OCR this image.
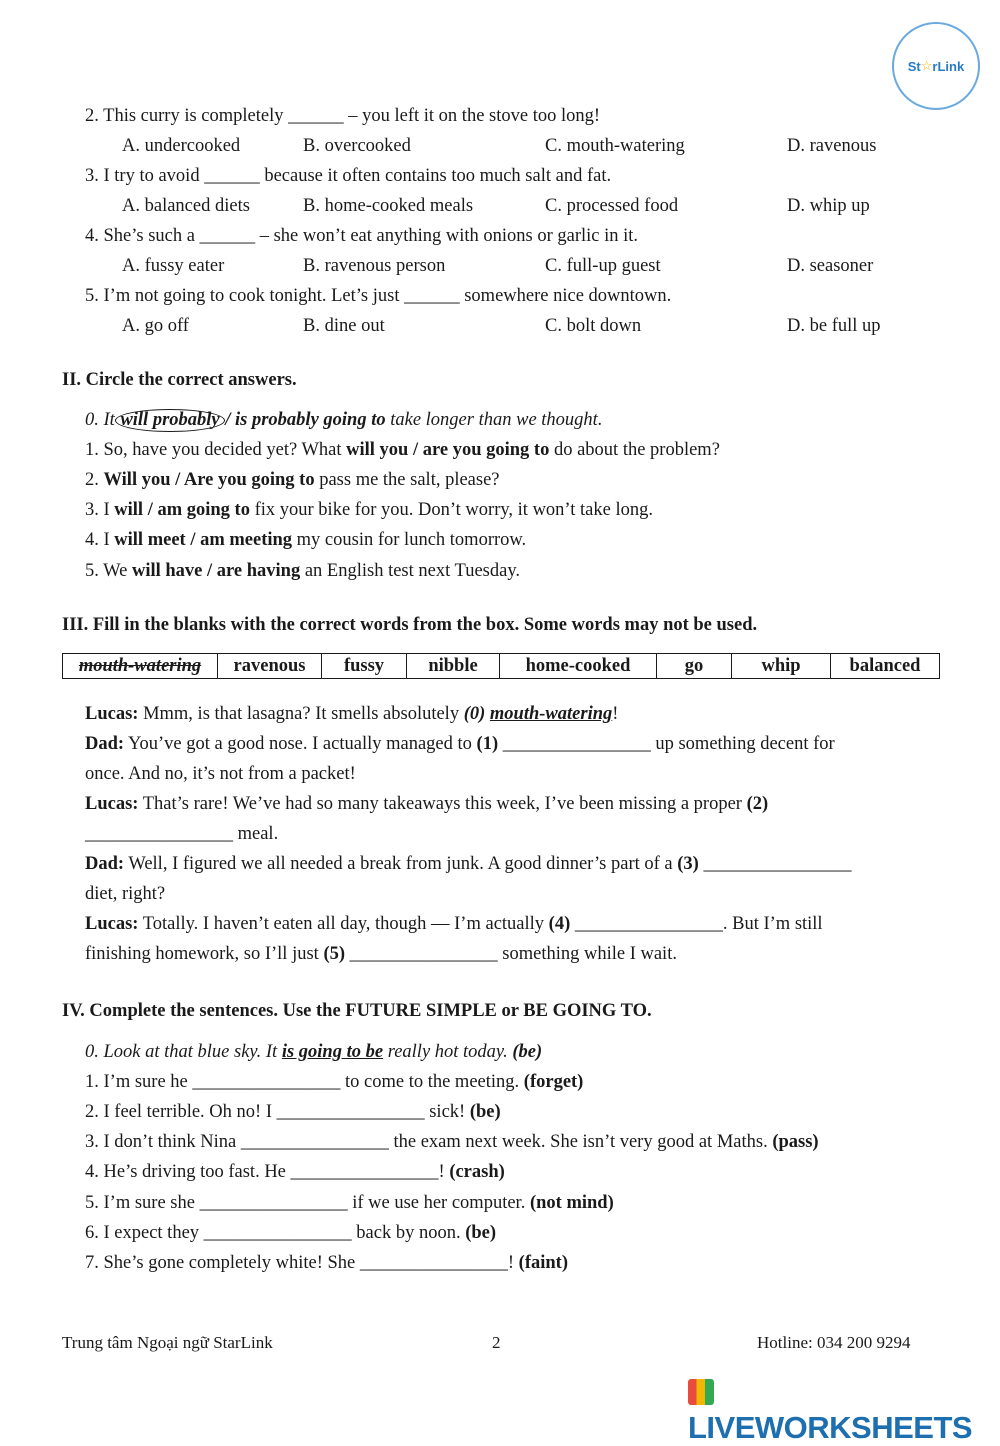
St ☆ rLink
2. This curry is completely ______ – you left it on the stove too long!
A. undercooked	B. overcooked	C. mouth-watering	D. ravenous
3. I try to avoid ______ because it often contains too much salt and fat.
A. balanced diets	B. home-cooked meals	C. processed food	D. whip up
4. She’s such a ______ – she won’t eat anything with onions or garlic in it.
A. fussy eater	B. ravenous person	C. full-up guest	D. seasoner
5. I’m not going to cook tonight. Let’s just ______ somewhere nice downtown.
A. go off	B. dine out	C. bolt down	D. be full up
II. Circle the correct answers.
0. It will probably / is probably going to take longer than we thought.
1. So, have you decided yet? What will you / are you going to do about the problem?
2. Will you / Are you going to pass me the salt, please?
3. I will / am going to fix your bike for you. Don’t worry, it won’t take long.
4. I will meet / am meeting my cousin for lunch tomorrow.
5. We will have / are having an English test next Tuesday.
III. Fill in the blanks with the correct words from the box. Some words may not be used.
mouth-watering	ravenous	fussy	nibble	home-cooked	go	whip	balanced
Lucas: Mmm, is that lasagna? It smells absolutely (0) mouth-watering!
Dad: You’ve got a good nose. I actually managed to (1) ________________ up something decent for
once. And no, it’s not from a packet!
Lucas: That’s rare! We’ve had so many takeaways this week, I’ve been missing a proper (2)
________________ meal.
Dad: Well, I figured we all needed a break from junk. A good dinner’s part of a (3) ________________
diet, right?
Lucas: Totally. I haven’t eaten all day, though — I’m actually (4) ________________. But I’m still
finishing homework, so I’ll just (5) ________________ something while I wait.
IV. Complete the sentences. Use the FUTURE SIMPLE or BE GOING TO.
0. Look at that blue sky. It is going to be really hot today. (be)
1. I’m sure he ________________ to come to the meeting. (forget)
2. I feel terrible. Oh no! I ________________ sick! (be)
3. I don’t think Nina ________________ the exam next week. She isn’t very good at Maths. (pass)
4. He’s driving too fast. He ________________! (crash)
5. I’m sure she ________________ if we use her computer. (not mind)
6. I expect they ________________ back by noon. (be)
7. She’s gone completely white! She ________________! (faint)
Trung tâm Ngoại ngữ StarLink	2	Hotline: 034 200 9294
LIVEWORKSHEETS
